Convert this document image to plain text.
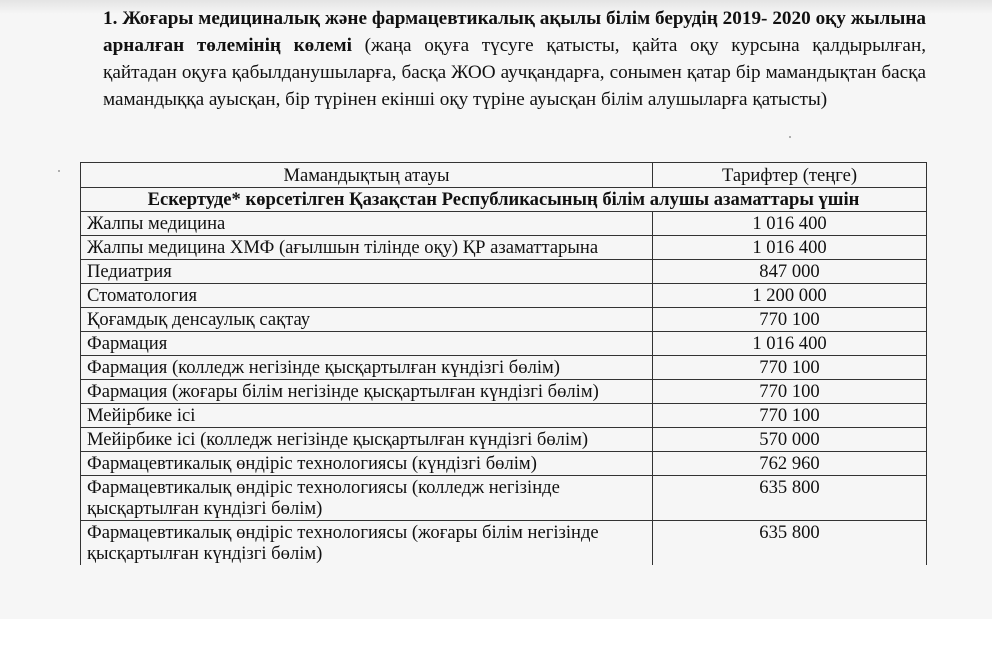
1. Жоғары медициналық және фармацевтикалық ақылы білім берудің 2019- 2020 оқу жылына арналған төлемінің көлемі (жаңа оқуға түсуге қатысты, қайта оқу курсына қалдырылған, қайтадан оқуға қабылданушыларға, басқа ЖОО аучқандарға, сонымен қатар бір мамандықтан басқа мамандыққа ауысқан, бір түрінен екінші оқу түріне ауысқан білім алушыларға қатысты)
Мамандықтың атауы	Тарифтер (теңге)
Ескертуде* көрсетілген Қазақстан Республикасының білім алушы азаматтары үшін	
Жалпы медицина	1 016 400
Жалпы медицина ХМФ (ағылшын тілінде оқу) ҚР азаматтарына	1 016 400
Педиатрия	847 000
Стоматология	1 200 000
Қоғамдық денсаулық сақтау	770 100
Фармация	1 016 400
Фармация (колледж негізінде қысқартылған күндізгі бөлім)	770 100
Фармация (жоғары білім негізінде қысқартылған күндізгі бөлім)	770 100
Мейірбике ісі	770 100
Мейірбике ісі (колледж негізінде қысқартылған күндізгі бөлім)	570 000
Фармацевтикалық өндіріс технологиясы (күндізгі бөлім)	762 960
Фармацевтикалық өндіріс технологиясы (колледж негізінде қысқартылған күндізгі бөлім)	635 800
Фармацевтикалық өндіріс технологиясы (жоғары білім негізінде қысқартылған күндізгі бөлім)	635 800
